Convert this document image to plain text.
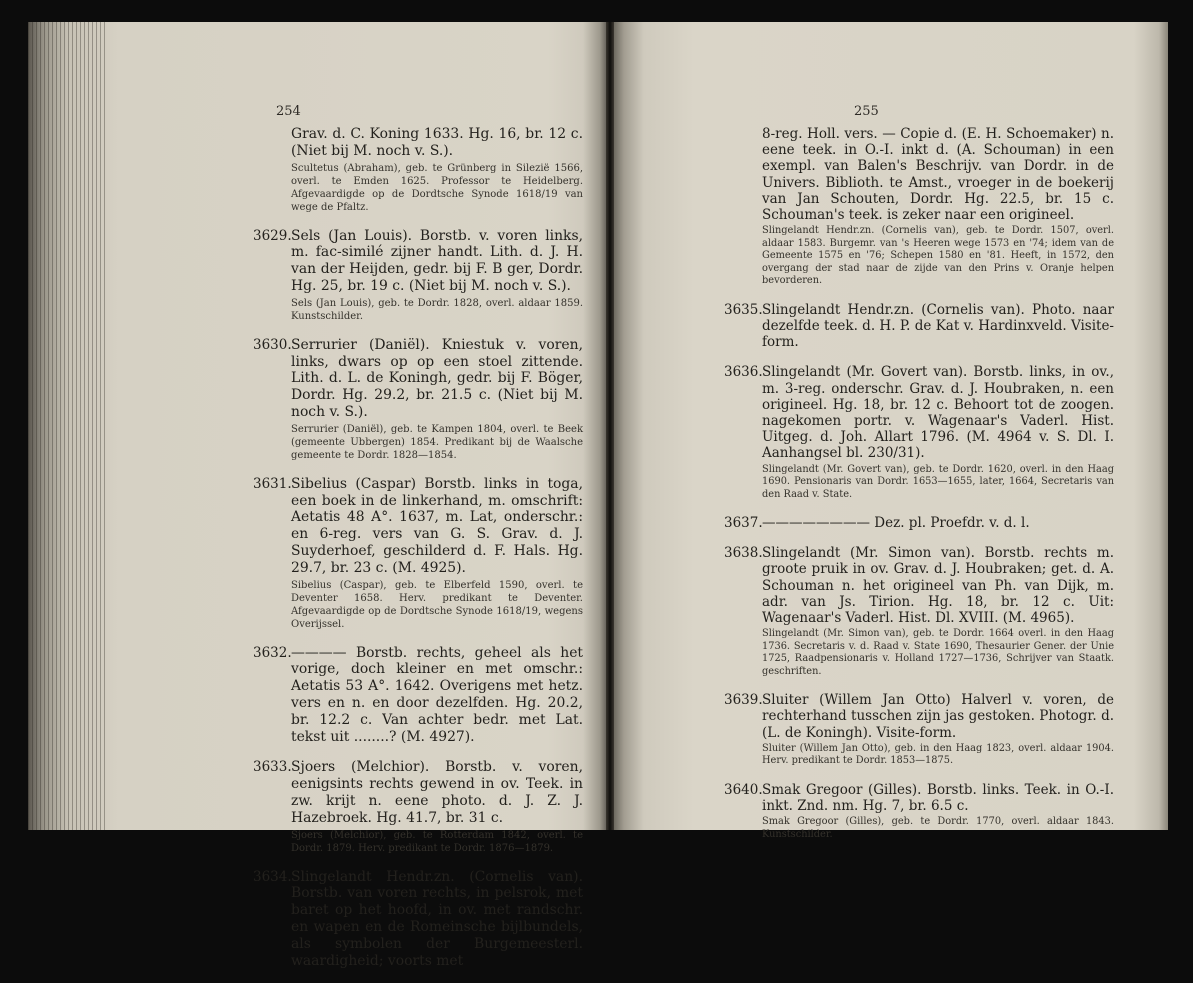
254
Grav. d. C. Koning 1633. Hg. 16, br. 12 c. (Niet bij M. noch v. S.).
Scultetus (Abraham), geb. te Grünberg in Silezië 1566, overl. te Emden 1625. Professor te Heidelberg. Afgevaardigde op de Dordtsche Synode 1618/19 van wege de Pfaltz.
3629. Sels (Jan Louis). Borstb. v. voren links, m. fac-similé zijner handt. Lith. d. J. H. van der Heijden, gedr. bij F. B ger, Dordr. Hg. 25, br. 19 c. (Niet bij M. noch v. S.).
Sels (Jan Louis), geb. te Dordr. 1828, overl. aldaar 1859. Kunstschilder.
3630. Serrurier (Daniël). Kniestuk v. voren, links, dwars op op een stoel zittende. Lith. d. L. de Koningh, gedr. bij F. Böger, Dordr. Hg. 29.2, br. 21.5 c. (Niet bij M. noch v. S.).
Serrurier (Daniël), geb. te Kampen 1804, overl. te Beek (gemeente Ubbergen) 1854. Predikant bij de Waalsche gemeente te Dordr. 1828—1854.
3631. Sibelius (Caspar) Borstb. links in toga, een boek in de linkerhand, m. omschrift: Aetatis 48 A°. 1637, m. Lat, onderschr.: en 6-reg. vers van G. S. Grav. d. J. Suyderhoef, geschilderd d. F. Hals. Hg. 29.7, br. 23 c. (M. 4925).
Sibelius (Caspar), geb. te Elberfeld 1590, overl. te Deventer 1658. Herv. predikant te Deventer. Afgevaardigde op de Dordtsche Synode 1618/19, wegens Overijssel.
3632. ———— Borstb. rechts, geheel als het vorige, doch kleiner en met omschr.: Aetatis 53 A°. 1642. Overigens met hetz. vers en n. en door dezelfden. Hg. 20.2, br. 12.2 c. Van achter bedr. met Lat. tekst uit ........? (M. 4927).
3633. Sjoers (Melchior). Borstb. v. voren, eenigsints rechts gewend in ov. Teek. in zw. krijt n. eene photo. d. J. Z. J. Hazebroek. Hg. 41.7, br. 31 c.
Sjoers (Melchior), geb. te Rotterdam 1842, overl. te Dordr. 1879. Herv. predikant te Dordr. 1876—1879.
3634. Slingelandt Hendr.zn. (Cornelis van). Borstb. van voren rechts, in pelsrok, met baret op het hoofd, in ov. met randschr. en wapen en de Romeinsche bijlbundels, als symbolen der Burgemeesterl. waardigheid; voorts met
255
8-reg. Holl. vers. — Copie d. (E. H. Schoemaker) n. eene teek. in O.-I. inkt d. (A. Schouman) in een exempl. van Balen's Beschrijv. van Dordr. in de Univers. Biblioth. te Amst., vroeger in de boekerij van Jan Schouten, Dordr. Hg. 22.5, br. 15 c. Schouman's teek. is zeker naar een origineel.
Slingelandt Hendr.zn. (Cornelis van), geb. te Dordr. 1507, overl. aldaar 1583. Burgemr. van 's Heeren wege 1573 en '74; idem van de Gemeente 1575 en '76; Schepen 1580 en '81. Heeft, in 1572, den overgang der stad naar de zijde van den Prins v. Oranje helpen bevorderen.
3635. Slingelandt Hendr.zn. (Cornelis van). Photo. naar dezelfde teek. d. H. P. de Kat v. Hardinxveld. Visite-form.
3636. Slingelandt (Mr. Govert van). Borstb. links, in ov., m. 3-reg. onderschr. Grav. d. J. Houbraken, n. een origineel. Hg. 18, br. 12 c. Behoort tot de zoogen. nagekomen portr. v. Wagenaar's Vaderl. Hist. Uitgeg. d. Joh. Allart 1796. (M. 4964 v. S. Dl. I. Aanhangsel bl. 230/31).
Slingelandt (Mr. Govert van), geb. te Dordr. 1620, overl. in den Haag 1690. Pensionaris van Dordr. 1653—1655, later, 1664, Secretaris van den Raad v. State.
3637. ———————— Dez. pl. Proefdr. v. d. l.
3638. Slingelandt (Mr. Simon van). Borstb. rechts m. groote pruik in ov. Grav. d. J. Houbraken; get. d. A. Schouman n. het origineel van Ph. van Dijk, m. adr. van Js. Tirion. Hg. 18, br. 12 c. Uit: Wagenaar's Vaderl. Hist. Dl. XVIII. (M. 4965).
Slingelandt (Mr. Simon van), geb. te Dordr. 1664 overl. in den Haag 1736. Secretaris v. d. Raad v. State 1690, Thesaurier Gener. der Unie 1725, Raadpensionaris v. Holland 1727—1736, Schrijver van Staatk. geschriften.
3639. Sluiter (Willem Jan Otto) Halverl v. voren, de rechterhand tusschen zijn jas gestoken. Photogr. d. (L. de Koningh). Visite-form.
Sluiter (Willem Jan Otto), geb. in den Haag 1823, overl. aldaar 1904. Herv. predikant te Dordr. 1853—1875.
3640. Smak Gregoor (Gilles). Borstb. links. Teek. in O.-I. inkt. Znd. nm. Hg. 7, br. 6.5 c.
Smak Gregoor (Gilles), geb. te Dordr. 1770, overl. aldaar 1843. Kunstschilder.
